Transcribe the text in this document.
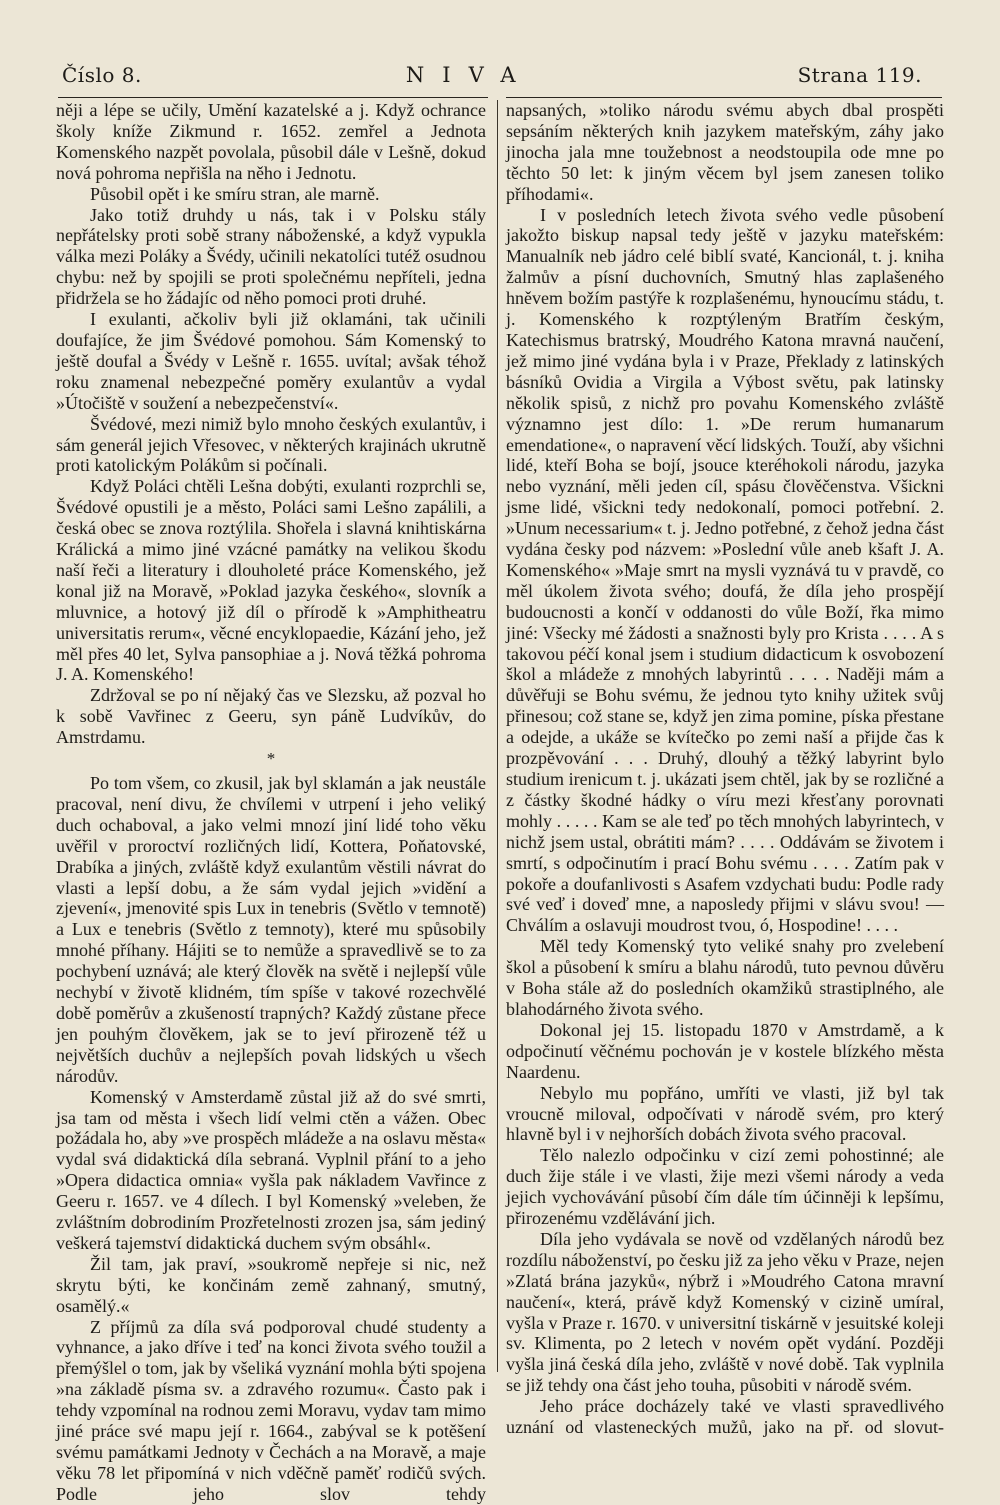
Číslo 8.	NIVA	Strana 119.

něji a lépe se učily, Umění kazatelské a j. Když ochrance školy kníže Zikmund r. 1652. zemřel a Jednota Komenského nazpět povolala, působil dále v Lešně, dokud nová pohroma nepřišla na něho i Jednotu.

Působil opět i ke smíru stran, ale marně.

Jako totiž druhdy u nás, tak i v Polsku stály nepřátelsky proti sobě strany náboženské, a když vypukla válka mezi Poláky a Švédy, učinili nekatolíci tutéž osudnou chybu: než by spojili se proti společnému nepříteli, jedna přidržela se ho žádajíc od něho pomoci proti druhé.

I exulanti, ačkoliv byli již oklamáni, tak učinili doufajíce, že jim Švédové pomohou. Sám Komenský to ještě doufal a Švédy v Lešně r. 1655. uvítal; avšak téhož roku znamenal nebezpečné poměry exulantův a vydal »Útočiště v soužení a nebezpečenství«.

Švédové, mezi nimiž bylo mnoho českých exulantův, i sám generál jejich Vřesovec, v některých krajinách ukrutně proti katolickým Polákům si počínali.

Když Poláci chtěli Lešna dobýti, exulanti rozprchli se, Švédové opustili je a město, Poláci sami Lešno zapálili, a česká obec se znova roztýlila. Shořela i slavná knihtiskárna Králická a mimo jiné vzácné památky na velikou škodu naší řeči a literatury i dlouholeté práce Komenského, jež konal již na Moravě, »Poklad jazyka českého«, slovník a mluvnice, a hotový již díl o přírodě k »Amphitheatru universitatis rerum«, věcné encyklopaedie, Kázání jeho, jež měl přes 40 let, Sylva pansophiae a j. Nová těžká pohroma J. A. Komenského!

Zdržoval se po ní nějaký čas ve Slezsku, až pozval ho k sobě Vavřinec z Geeru, syn páně Ludvíkův, do Amstrdamu.

*

Po tom všem, co zkusil, jak byl sklamán a jak neustále pracoval, není divu, že chvílemi v utrpení i jeho veliký duch ochaboval, a jako velmi mnozí jiní lidé toho věku uvěřil v proroctví rozličných lidí, Kottera, Poňatovské, Drabíka a jiných, zvláště když exulantům věstili návrat do vlasti a lepší dobu, a že sám vydal jejich »vidění a zjevení«, jmenovité spis Lux in tenebris (Světlo v temnotě) a Lux e tenebris (Světlo z temnoty), které mu spůsobily mnohé příhany. Hájiti se to nemůže a spravedlivě se to za pochybení uznává; ale který člověk na světě i nejlepší vůle nechybí v životě klidném, tím spíše v takové rozechvělé době poměrův a zkušeností trapných? Každý zůstane přece jen pouhým člověkem, jak se to jeví přirozeně též u největších duchův a nejlepších povah lidských u všech národův.

Komenský v Amsterdamě zůstal již až do své smrti, jsa tam od města i všech lidí velmi ctěn a vážen. Obec požádala ho, aby »ve prospěch mládeže a na oslavu města« vydal svá didaktická díla sebraná. Vyplnil přání to a jeho »Opera didactica omnia« vyšla pak nákladem Vavřince z Geeru r. 1657. ve 4 dílech. I byl Komenský »veleben, že zvláštním dobrodiním Prozřetelnosti zrozen jsa, sám jediný veškerá tajemství didaktická duchem svým obsáhl«.

Žil tam, jak praví, »soukromě nepřeje si nic, než skrytu býti, ke končinám země zahnaný, smutný, osamělý.«

Z příjmů za díla svá podporoval chudé studenty a vyhnance, a jako dříve i teď na konci života svého toužil a přemýšlel o tom, jak by všeliká vyznání mohla býti spojena »na základě písma sv. a zdravého rozumu«. Často pak i tehdy vzpomínal na rodnou zemi Moravu, vydav tam mimo jiné práce své mapu její r. 1664., zabýval se k potěšení svému památkami Jednoty v Čechách a na Moravě, a maje věku 78 let připomíná v nich vděčně paměť rodičů svých. Podle jeho slov tehdy

napsaných, »tolikо národu svému abych dbal prospěti sepsáním některých knih jazykem mateřským, záhy jako jinocha jala mne toužebnost a neodstoupila ode mne po těchto 50 let: k jiným věcem byl jsem zanesen toliko příhodami«.

I v posledních letech života svého vedle působení jakožto biskup napsal tedy ještě v jazyku mateřském: Manualník neb jádro celé biblí svaté, Kancionál, t. j. kniha žalmův a písní duchovních, Smutný hlas zaplašeného hněvem božím pastýře k rozplašenému, hynoucímu stádu, t. j. Komenského k rozptýleným Bratřím českým, Katechismus bratrský, Moudrého Katona mravná naučení, jež mimo jiné vydána byla i v Praze, Překlady z latinských básníků Ovidia a Virgila a Výbost světu, pak latinsky několik spisů, z nichž pro povahu Komenského zvláště významno jest dílo: 1. »De rerum humanarum emendatione«, o napravení věcí lidských. Touží, aby všichni lidé, kteří Boha se bojí, jsouce kteréhokoli národu, jazyka nebo vyznání, měli jeden cíl, spásu člověčenstva. Všickni jsme lidé, všickni tedy nedokonalí, pomoci potřební. 2. »Unum necessarium« t. j. Jedno potřebné, z čehož jedna část vydána česky pod názvem: »Poslední vůle aneb kšaft J. A. Komenského« »Maje smrt na mysli vyznává tu v pravdě, co měl úkolem života svého; doufá, že díla jeho prospějí budoucnosti a končí v oddanosti do vůle Boží, řka mimo jiné: Všecky mé žádosti a snažnosti byly pro Krista . . . . A s takovou péčí konal jsem i studium didacticum k osvobození škol a mládeže z mnohých labyrintů . . . . Naději mám a důvěřuji se Bohu svému, že jednou tyto knihy užitek svůj přinesou; což stane se, když jen zima pomine, píska přestane a odejde, a ukáže se kvítečko po zemi naší a přijde čas k prozpěvování . . . Druhý, dlouhý a těžký labyrint bylo studium irenicum t. j. ukázati jsem chtěl, jak by se rozličné a z částky škodné hádky o víru mezi křesťany porovnati mohly . . . . . Kam se ale teď po těch mnohých labyrintech, v nichž jsem ustal, obrátiti mám? . . . . Oddávám se životem i smrtí, s odpočinutím i prací Bohu svému . . . . Zatím pak v pokoře a doufanlivosti s Asafem vzdychati budu: Podle rady své veď i doveď mne, a naposledy přijmi v slávu svou! — Chválím a oslavuji moudrost tvou, ó, Hospodine! . . . .

Měl tedy Komenský tyto veliké snahy pro zvelebení škol a působení k smíru a blahu národů, tuto pevnou důvěru v Boha stále až do posledních okamžiků strastiplného, ale blahodárného života svého.

Dokonal jej 15. listopadu 1870 v Amstrdamě, a k odpočinutí věčnému pochován je v kostele blízkého města Naardenu.

Nebylo mu popřáno, umříti ve vlasti, již byl tak vroucně miloval, odpočívati v národě svém, pro který hlavně byl i v nejhorších dobách života svého pracoval.

Tělo nalezlo odpočinku v cizí zemi pohostinné; ale duch žije stále i ve vlasti, žije mezi všemi národy a veda jejich vychovávání působí čím dále tím účinněji k lepšímu, přirozenému vzdělávání jich.

Díla jeho vydávala se nově od vzdělaných národů bez rozdílu náboženství, po česku již za jeho věku v Praze, nejen »Zlatá brána jazyků«, nýbrž i »Moudrého Catona mravní naučení«, která, právě když Komenský v cizině umíral, vyšla v Praze r. 1670. v universitní tiskárně v jesuitské koleji sv. Klimenta, po 2 letech v novém opět vydání. Později vyšla jiná česká díla jeho, zvláště v nové době. Tak vyplnila se již tehdy ona část jeho touha, působiti v národě svém.

Jeho práce docházely také ve vlasti spravedlivého uznání od vlasteneckých mužů, jako na př. od slovut-
